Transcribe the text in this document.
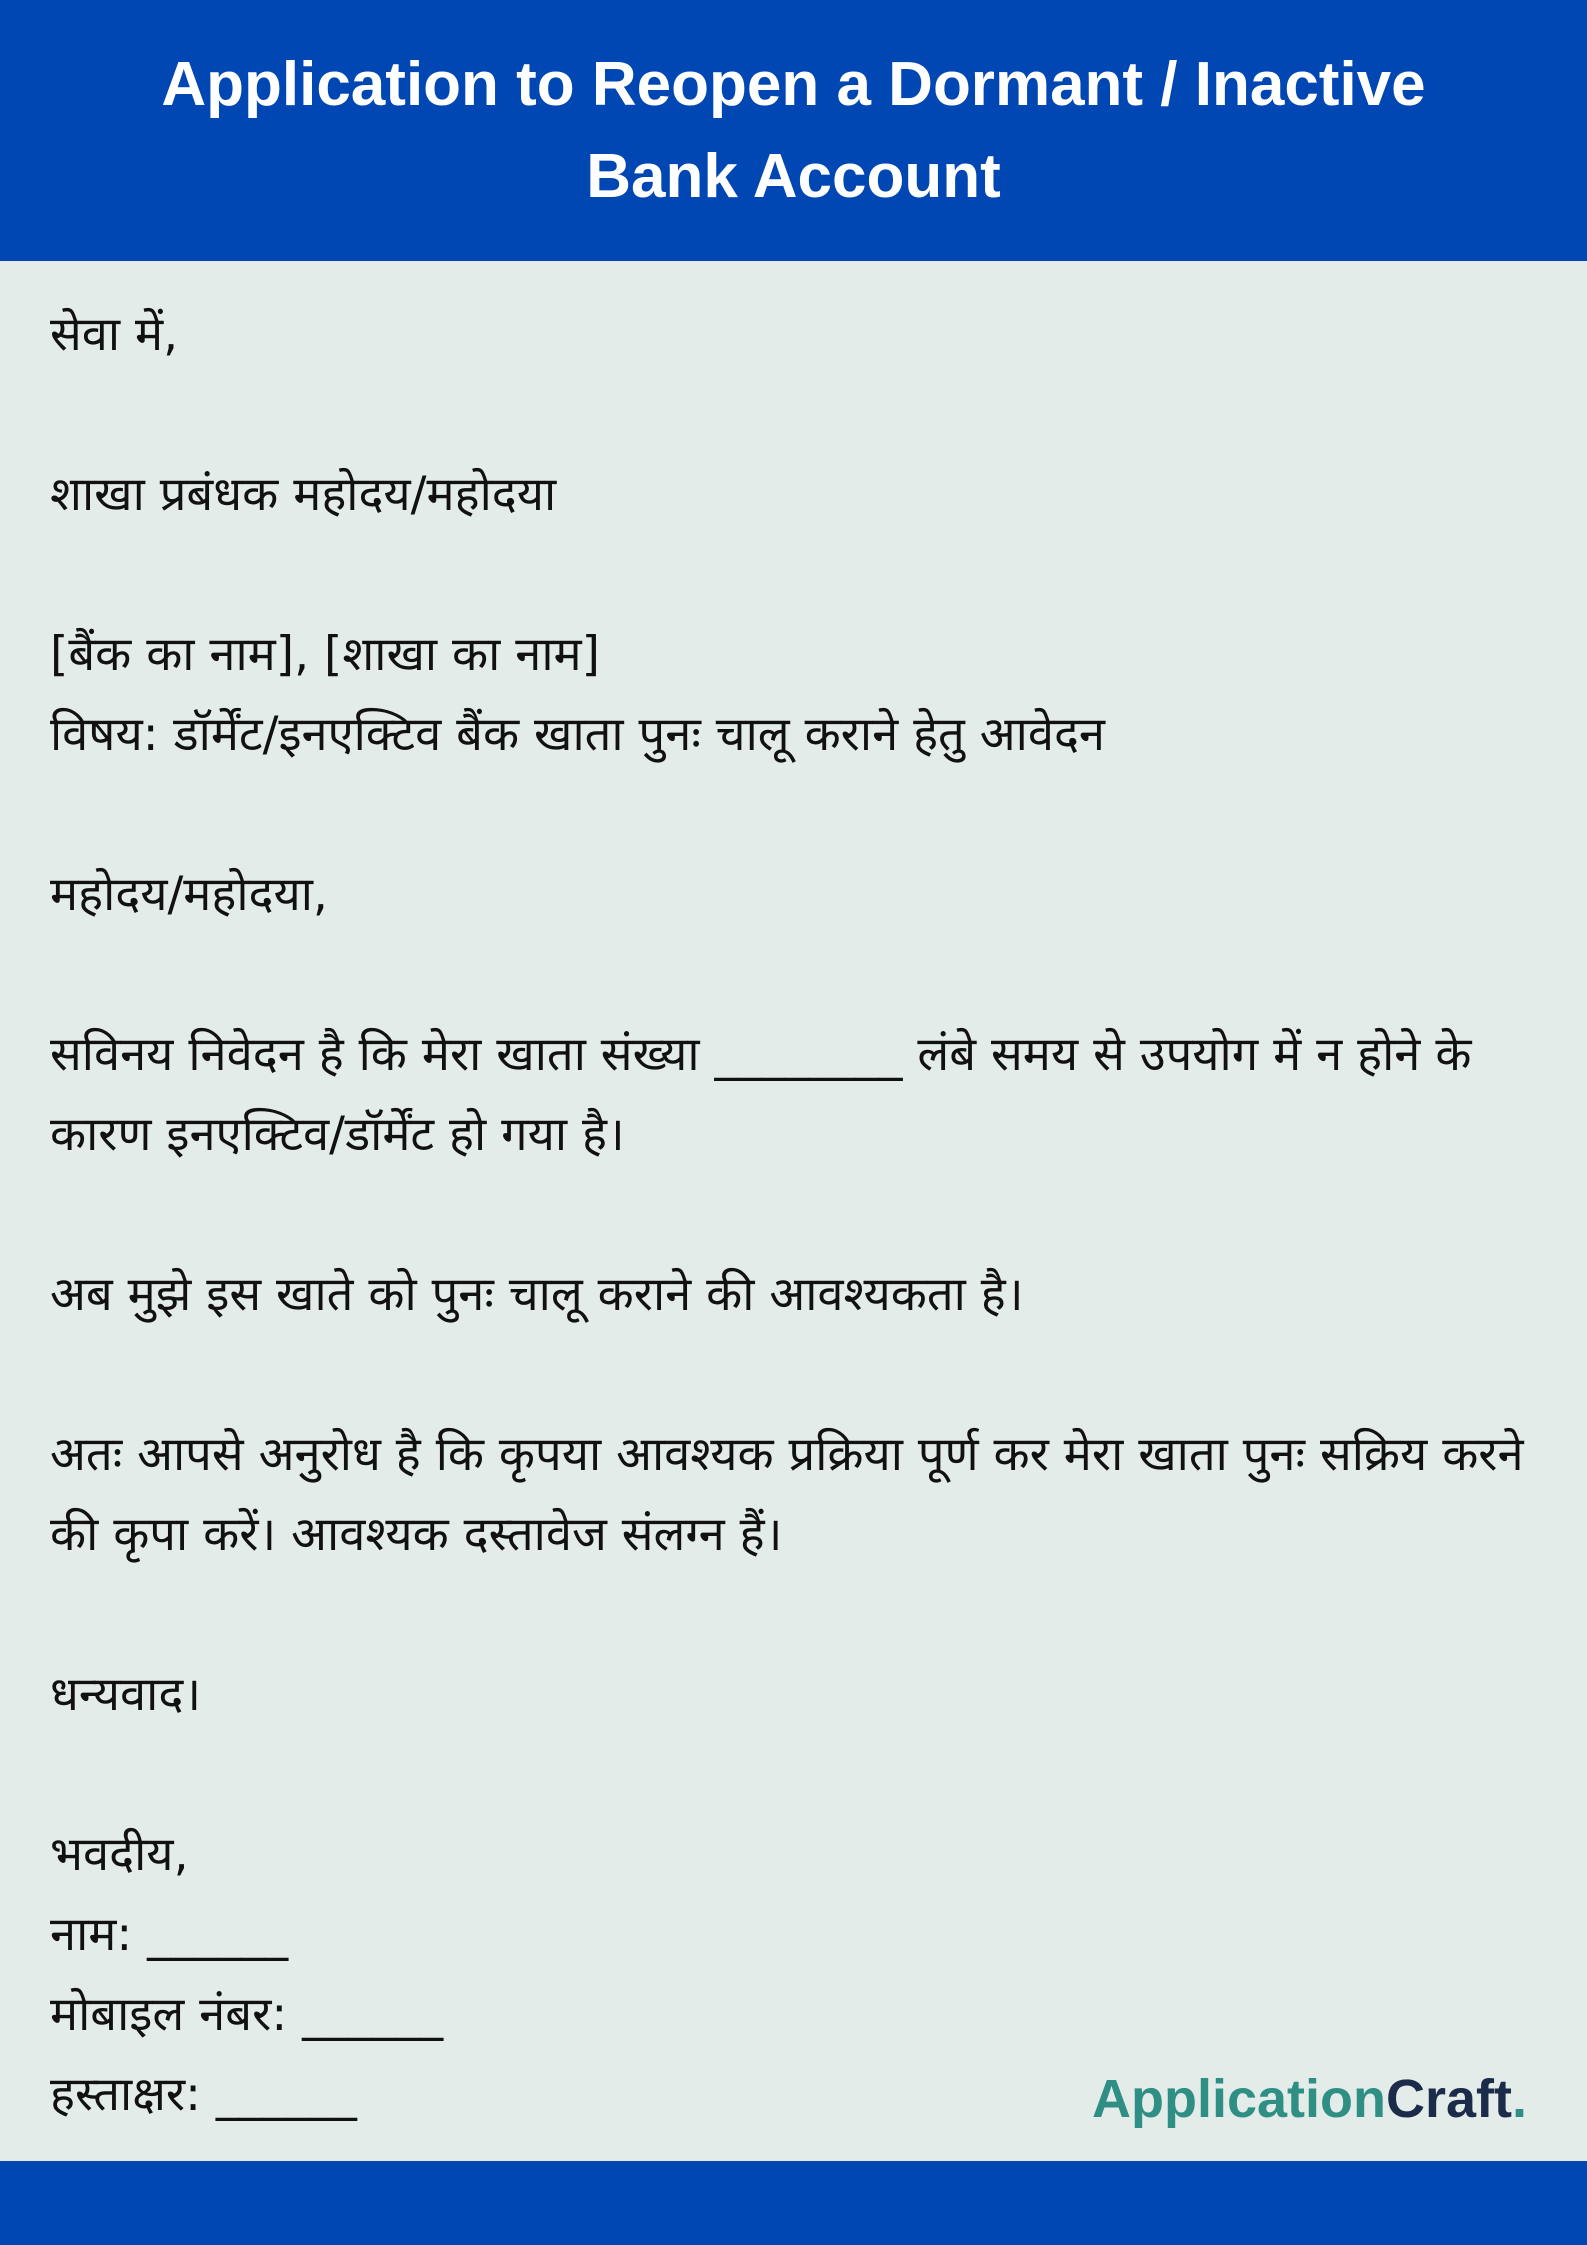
Application to Reopen a Dormant / Inactive Bank Account
सेवा में,
शाखा प्रबंधक महोदय/महोदया
[बैंक का नाम], [शाखा का नाम]
विषय: डॉर्मेंट/इनएक्टिव बैंक खाता पुनः चालू कराने हेतु आवेदन
महोदय/महोदया,
सविनय निवेदन है कि मेरा खाता संख्या ________ लंबे समय से उपयोग में न होने के कारण इनएक्टिव/डॉर्मेंट हो गया है।
अब मुझे इस खाते को पुनः चालू कराने की आवश्यकता है।
अतः आपसे अनुरोध है कि कृपया आवश्यक प्रक्रिया पूर्ण कर मेरा खाता पुनः सक्रिय करने की कृपा करें। आवश्यक दस्तावेज संलग्न हैं।
धन्यवाद।
भवदीय,
नाम: ______
मोबाइल नंबर: ______
हस्ताक्षर: ______	ApplicationCraft.
